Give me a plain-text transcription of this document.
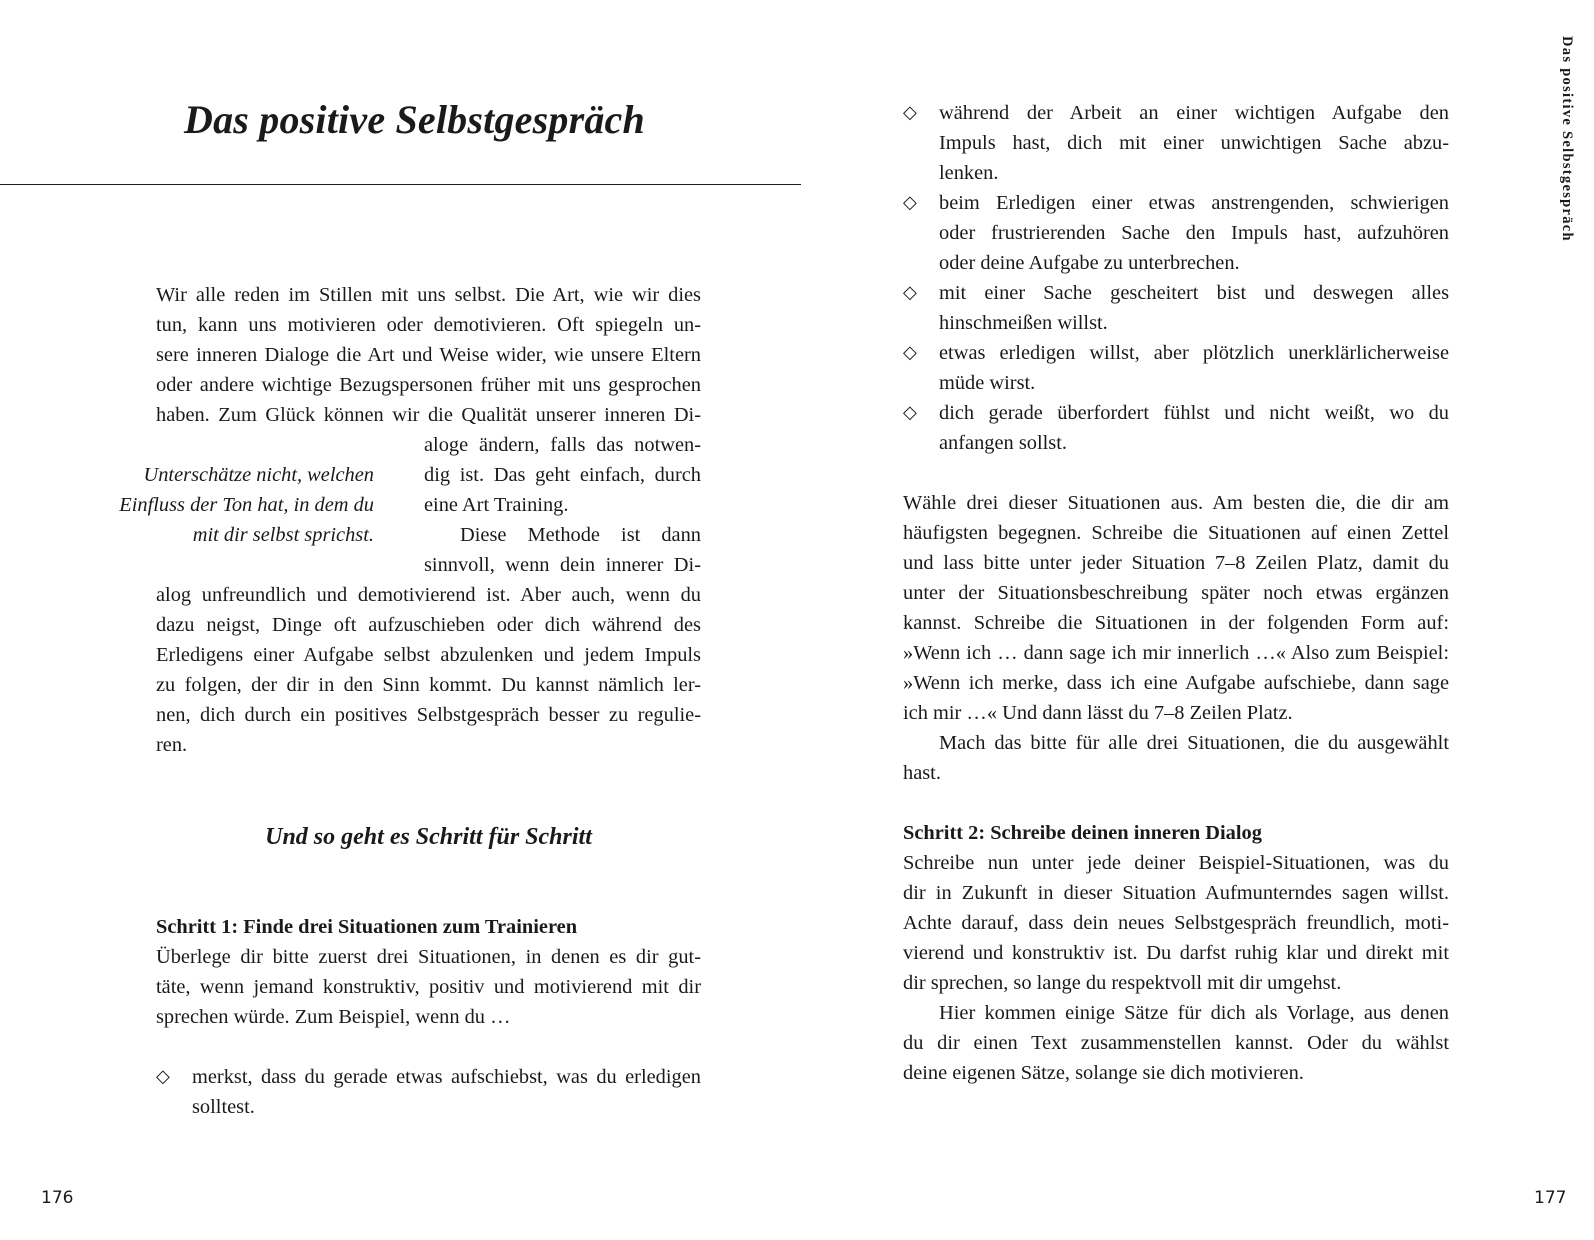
Das positive Selbstgespräch

Wir alle reden im Stillen mit uns selbst. Die Art, wie wir dies
tun, kann uns motivieren oder demotivieren. Oft spiegeln un-
sere inneren Dialoge die Art und Weise wider, wie unsere Eltern
oder andere wichtige Bezugspersonen früher mit uns gesprochen
haben. Zum Glück können wir die Qualität unserer inneren Di-
aloge ändern, falls das notwen-
dig ist. Das geht einfach, durch
eine Art Training.
Diese Methode ist dann
sinnvoll, wenn dein innerer Di-
alog unfreundlich und demotivierend ist. Aber auch, wenn du
dazu neigst, Dinge oft aufzuschieben oder dich während des
Erledigens einer Aufgabe selbst abzulenken und jedem Impuls
zu folgen, der dir in den Sinn kommt. Du kannst nämlich ler-
nen, dich durch ein positives Selbstgespräch besser zu regulie-
ren.

Unterschätze nicht, welchen
Einfluss der Ton hat, in dem du
mit dir selbst sprichst.

Und so geht es Schritt für Schritt
Schritt 1: Finde drei Situationen zum Trainieren

Überlege dir bitte zuerst drei Situationen, in denen es dir gut-
täte, wenn jemand konstruktiv, positiv und motivierend mit dir
sprechen würde. Zum Beispiel, wenn du …

◇	merkst, dass du gerade etwas aufschiebst, was du erledigen
solltest.
176
◇	während der Arbeit an einer wichtigen Aufgabe den
Impuls hast, dich mit einer unwichtigen Sache abzu-
lenken.
◇	beim Erledigen einer etwas anstrengenden, schwierigen
oder frustrierenden Sache den Impuls hast, aufzuhören
oder deine Aufgabe zu unterbrechen.
◇	mit einer Sache gescheitert bist und deswegen alles
hinschmeißen willst.
◇	etwas erledigen willst, aber plötzlich unerklärlicherweise
müde wirst.
◇	dich gerade überfordert fühlst und nicht weißt, wo du
anfangen sollst.

Wähle drei dieser Situationen aus. Am besten die, die dir am
häufigsten begegnen. Schreibe die Situationen auf einen Zettel
und lass bitte unter jeder Situation 7–8 Zeilen Platz, damit du
unter der Situationsbeschreibung später noch etwas ergänzen
kannst. Schreibe die Situationen in der folgenden Form auf:
»Wenn ich … dann sage ich mir innerlich …« Also zum Beispiel:
»Wenn ich merke, dass ich eine Aufgabe aufschiebe, dann sage
ich mir …« Und dann lässt du 7–8 Zeilen Platz.

Mach das bitte für alle drei Situationen, die du ausgewählt
hast.

Schritt 2: Schreibe deinen inneren Dialog

Schreibe nun unter jede deiner Beispiel-Situationen, was du
dir in Zukunft in dieser Situation Aufmunterndes sagen willst.
Achte darauf, dass dein neues Selbstgespräch freundlich, moti-
vierend und konstruktiv ist. Du darfst ruhig klar und direkt mit
dir sprechen, so lange du respektvoll mit dir umgehst.

Hier kommen einige Sätze für dich als Vorlage, aus denen
du dir einen Text zusammenstellen kannst. Oder du wählst
deine eigenen Sätze, solange sie dich motivieren.

Das positive Selbstgespräch
177
